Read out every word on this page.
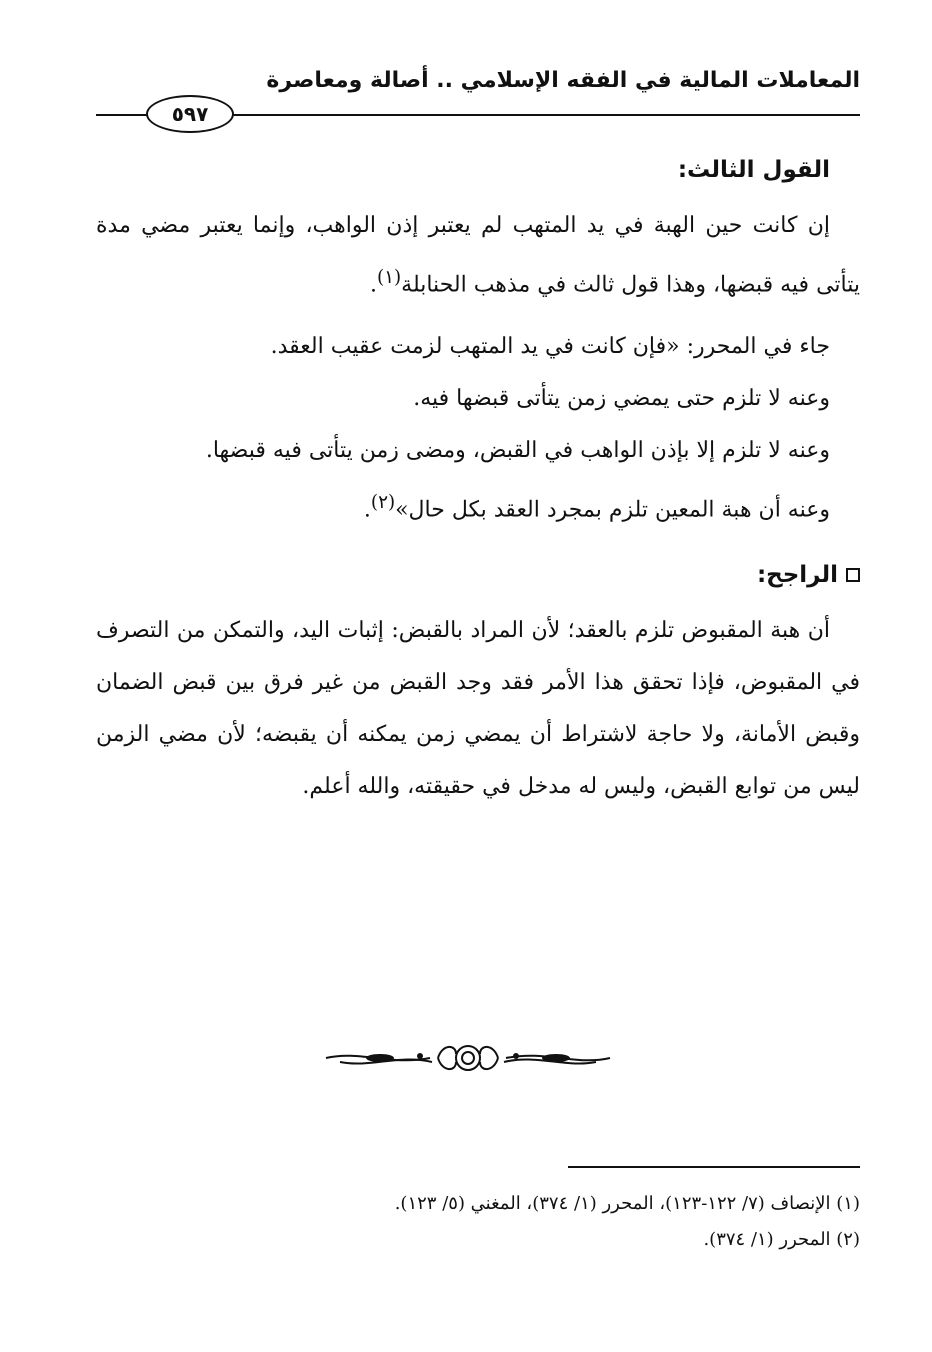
المعاملات المالية في الفقه الإسلامي .. أصالة ومعاصرة
٥٩٧

القول الثالث:

إن كانت حين الهبة في يد المتهب لم يعتبر إذن الواهب، وإنما يعتبر مضي مدة يتأتى فيه قبضها، وهذا قول ثالث في مذهب الحنابلة$^{(١)}$.

جاء في المحرر: «فإن كانت في يد المتهب لزمت عقيب العقد.

وعنه لا تلزم حتى يمضي زمن يتأتى قبضها فيه.

وعنه لا تلزم إلا بإذن الواهب في القبض، ومضى زمن يتأتى فيه قبضها.

وعنه أن هبة المعين تلزم بمجرد العقد بكل حال»$^{(٢)}$.

الراجح:

أن هبة المقبوض تلزم بالعقد؛ لأن المراد بالقبض: إثبات اليد، والتمكن من التصرف في المقبوض، فإذا تحقق هذا الأمر فقد وجد القبض من غير فرق بين قبض الضمان وقبض الأمانة، ولا حاجة لاشتراط أن يمضي زمن يمكنه أن يقبضه؛ لأن مضي الزمن ليس من توابع القبض، وليس له مدخل في حقيقته، والله أعلم.

(١) الإنصاف (٧/ ١٢٢-١٢٣)، المحرر (١/ ٣٧٤)، المغني (٥/ ١٢٣).

(٢) المحرر (١/ ٣٧٤).
